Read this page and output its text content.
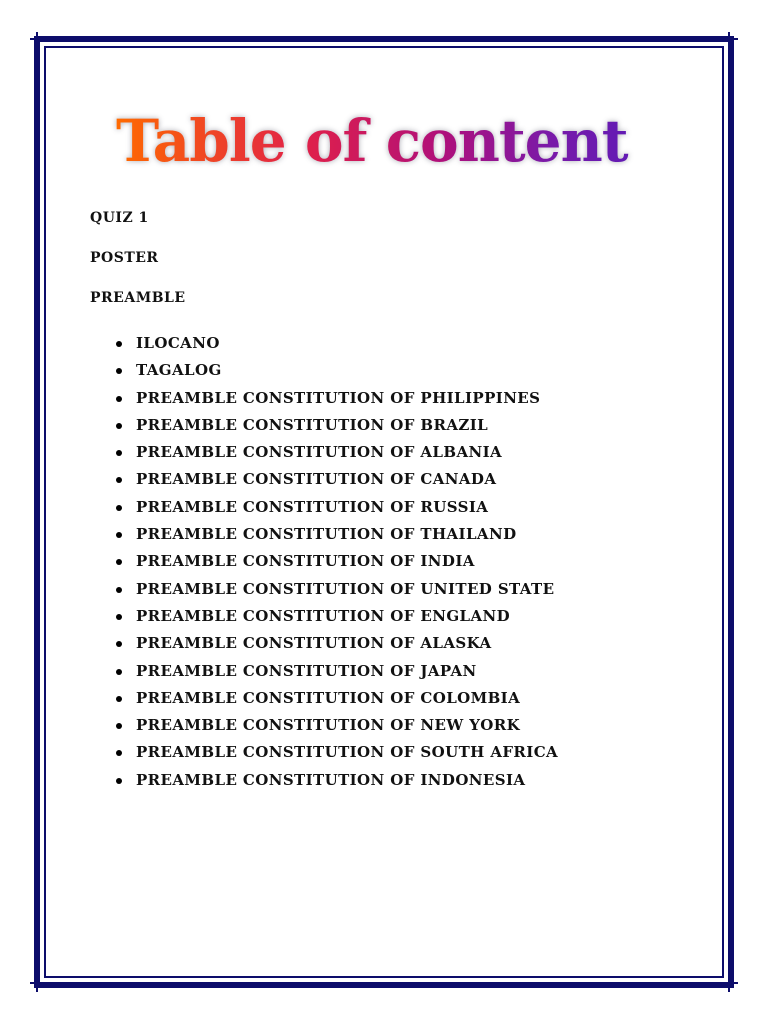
Table of content
QUIZ 1
POSTER
PREAMBLE
ILOCANO
TAGALOG
PREAMBLE CONSTITUTION OF PHILIPPINES
PREAMBLE CONSTITUTION OF BRAZIL
PREAMBLE CONSTITUTION OF ALBANIA
PREAMBLE CONSTITUTION OF CANADA
PREAMBLE CONSTITUTION OF RUSSIA
PREAMBLE CONSTITUTION OF THAILAND
PREAMBLE CONSTITUTION OF INDIA
PREAMBLE CONSTITUTION OF UNITED STATE
PREAMBLE CONSTITUTION OF ENGLAND
PREAMBLE CONSTITUTION OF ALASKA
PREAMBLE CONSTITUTION OF JAPAN
PREAMBLE CONSTITUTION OF COLOMBIA
PREAMBLE CONSTITUTION OF NEW YORK
PREAMBLE CONSTITUTION OF SOUTH AFRICA
PREAMBLE CONSTITUTION OF INDONESIA
